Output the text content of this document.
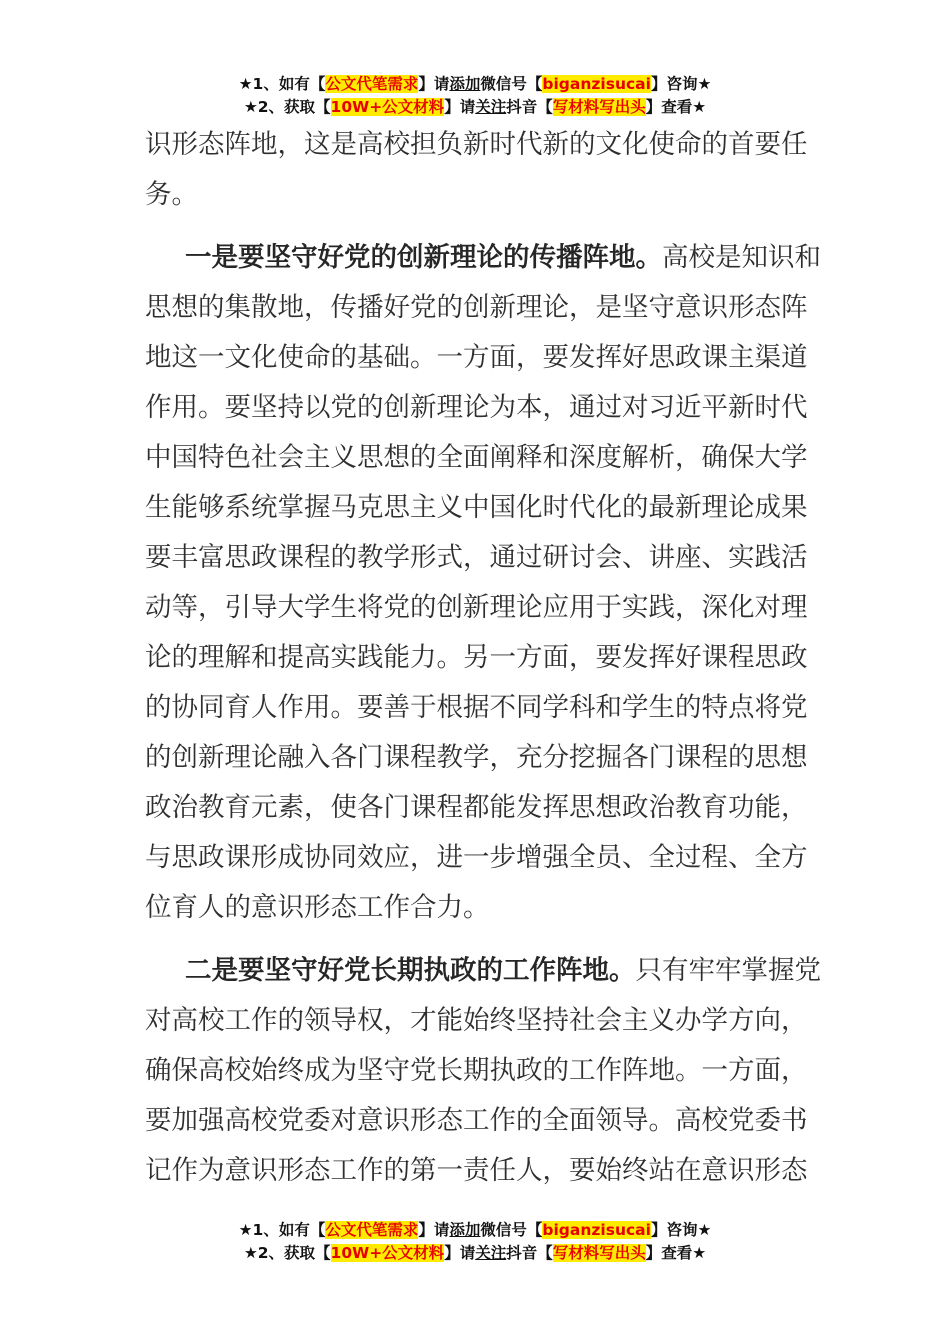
★1、如有【公文代笔需求】请添加微信号【biganzisucai】咨询★
★2、获取【10W+公文材料】请关注抖音【写材料写出头】查看★
识形态阵地，这是高校担负新时代新的文化使命的首要任
务。
一是要坚守好党的创新理论的传播阵地。高校是知识和
思想的集散地，传播好党的创新理论，是坚守意识形态阵
地这一文化使命的基础。一方面，要发挥好思政课主渠道
作用。要坚持以党的创新理论为本，通过对习近平新时代
中国特色社会主义思想的全面阐释和深度解析，确保大学
生能够系统掌握马克思主义中国化时代化的最新理论成果
要丰富思政课程的教学形式，通过研讨会、讲座、实践活
动等，引导大学生将党的创新理论应用于实践，深化对理
论的理解和提高实践能力。另一方面，要发挥好课程思政
的协同育人作用。要善于根据不同学科和学生的特点将党
的创新理论融入各门课程教学，充分挖掘各门课程的思想
政治教育元素，使各门课程都能发挥思想政治教育功能，
与思政课形成协同效应，进一步增强全员、全过程、全方
位育人的意识形态工作合力。
二是要坚守好党长期执政的工作阵地。只有牢牢掌握党
对高校工作的领导权，才能始终坚持社会主义办学方向，
确保高校始终成为坚守党长期执政的工作阵地。一方面，
要加强高校党委对意识形态工作的全面领导。高校党委书
记作为意识形态工作的第一责任人，要始终站在意识形态
★1、如有【公文代笔需求】请添加微信号【biganzisucai】咨询★
★2、获取【10W+公文材料】请关注抖音【写材料写出头】查看★
